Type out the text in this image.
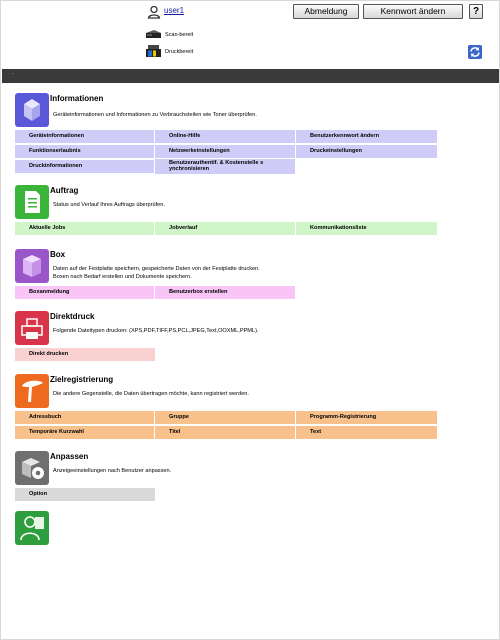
user1	Abmeldung	Kennwort ändern	?
Scan-bereit
Druckbereit
.
Informationen
Geräteinformationen und Informationen zu Verbrauchsteilen wie Toner überprüfen.
Geräteinformationen	Online-Hilfe	Benutzerkennwort ändern
Funktionserlaubnis	Netzwerkeinstellungen	Druckeinstellungen
Druckinformationen
Benutzerauthentif. & Kostenstelle s ynchronisieren
Auftrag
Status und Verlauf Ihres Auftrags überprüfen.
Aktuelle Jobs	Jobverlauf	Kommunikationsliste
Box
Daten auf der Festplatte speichern, gespeicherte Daten von der Festplatte drucken.
Boxen nach Bedarf erstellen und Dokumente speichern.
Boxanmeldung	Benutzerbox erstellen
Direktdruck
Folgende Dateitypen drucken: (XPS,PDF,TIFF,PS,PCL,JPEG,Text,OOXML,PPML).
Direkt drucken
Zielregistrierung
Die andere Gegenstelle, die Daten übertragen möchte, kann registriert werden.
Adressbuch	Gruppe	Programm-Registrierung
Temporäre Kurzwahl	Titel	Text
Anpassen
Anzeigeeinstellungen nach Benutzer anpassen.
Option
